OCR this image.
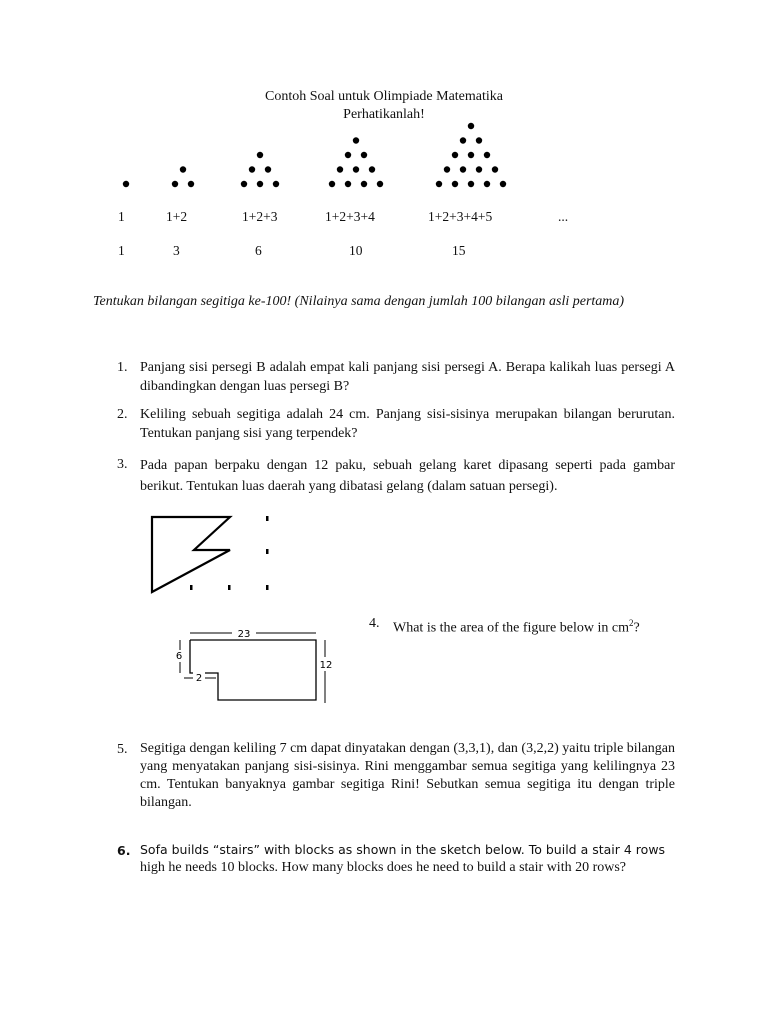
Contoh Soal untuk Olimpiade Matematika
Perhatikanlah!
1	1+2	1+2+3	1+2+3+4	1+2+3+4+5	...
1	3	6	10	15
Tentukan bilangan segitiga ke-100! (Nilainya sama dengan jumlah 100 bilangan asli pertama)
1. Panjang sisi persegi B adalah empat kali panjang sisi persegi A. Berapa kalikah luas persegi A dibandingkan dengan luas persegi B?
2. Keliling sebuah segitiga adalah 24 cm. Panjang sisi-sisinya merupakan bilangan berurutan. Tentukan panjang sisi yang terpendek?
3. Pada papan berpaku dengan 12 paku, sebuah gelang karet dipasang seperti pada gambar berikut. Tentukan luas daerah yang dibatasi gelang (dalam satuan persegi).
4. What is the area of the figure below in $cm^2$?
23
6
2
12
5. Segitiga dengan keliling 7 cm dapat dinyatakan dengan (3,3,1), dan (3,2,2) yaitu triple bilangan yang menyatakan panjang sisi-sisinya. Rini menggambar semua segitiga yang kelilingnya 23 cm. Tentukan banyaknya gambar segitiga Rini! Sebutkan semua segitiga itu dengan triple bilangan.
6. Sofa builds “stairs” with blocks as shown in the sketch below. To build a stair 4 rows
high he needs 10 blocks. How many blocks does he need to build a stair with 20 rows?
